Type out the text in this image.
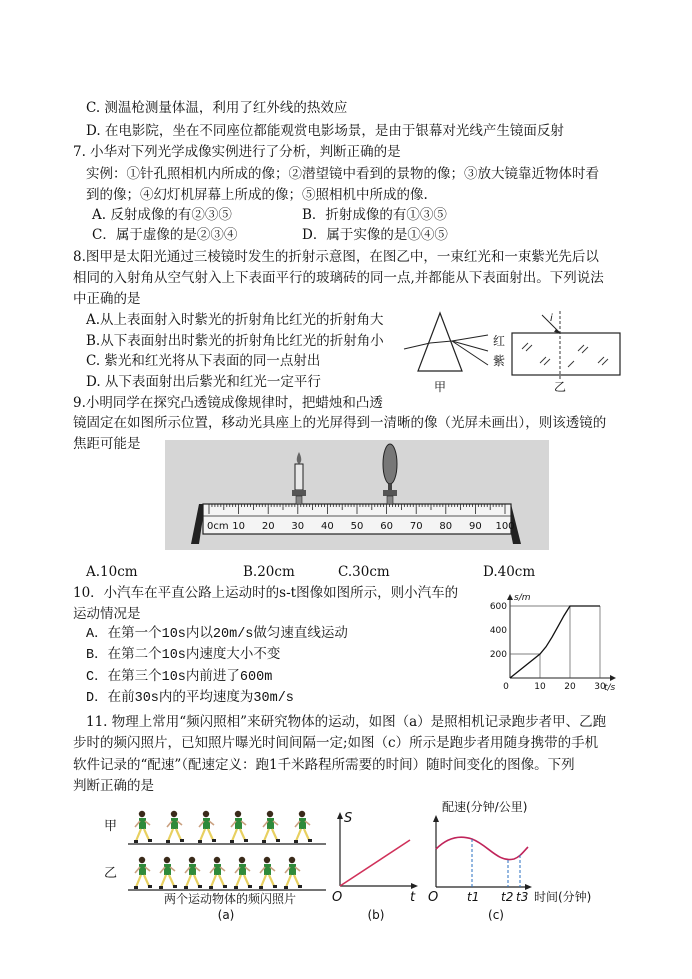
C. 测温枪测量体温，利用了红外线的热效应
D. 在电影院，坐在不同座位都能观赏电影场景，是由于银幕对光线产生镜面反射
7. 小华对下列光学成像实例进行了分析，判断正确的是
实例：①针孔照相机内所成的像；②潜望镜中看到的景物的像；③放大镜靠近物体时看
到的像；④幻灯机屏幕上所成的像；⑤照相机中所成的像.
A. 反射成像的有②③⑤	B．折射成像的有①③⑤
C．属于虚像的是②③④	D．属于实像的是①④⑤
8.图甲是太阳光通过三棱镜时发生的折射示意图，在图乙中，一束红光和一束紫光先后以
相同的入射角从空气射入上下表面平行的玻璃砖的同一点,并都能从下表面射出。下列说法
中正确的是
A.从上表面射入时紫光的折射角比红光的折射角大
B.从下表面射出时紫光的折射角比红光的折射角小
C. 紫光和红光将从下表面的同一点射出
D. 从下表面射出后紫光和红光一定平行
红
紫
甲
i
乙
9.小明同学在探究凸透镜成像规律时，把蜡烛和凸透
镜固定在如图所示位置，移动光具座上的光屏得到一清晰的像（光屏未画出），则该透镜的
焦距可能是
0cm 10 20 30 40 50 60 70 80 90 100
A.10cm	B.20cm	C.30cm	D.40cm
10．小汽车在平直公路上运动时的s-t图像如图所示，则小汽车的
运动情况是
A．在第一个10s内以20m/s做匀速直线运动
B．在第二个10s内速度大小不变
C．在第三个10s内前进了600m
D．在前30s内的平均速度为30m/s
s/m
t/s
0	10 20 30
200
400
600
11. 物理上常用“频闪照相”来研究物体的运动，如图（a）是照相机记录跑步者甲、乙跑
步时的频闪照片，已知照片曝光时间间隔一定;如图（c）所示是跑步者用随身携带的手机
软件记录的“配速”（配速定义：跑1千米路程所需要的时间）随时间变化的图像。下列
判断正确的是
甲
乙
两个运动物体的频闪照片
(a)
S
t
O
(b)
配速(分钟/公里)
O t1 t2 t3 时间(分钟)
(c)
